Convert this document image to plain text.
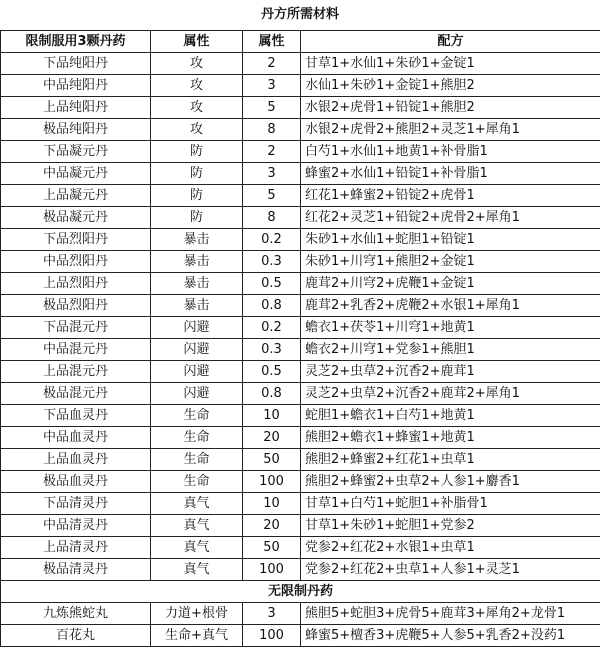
丹方所需材料
限制服用3颗丹药	属性	属性	配方
下品纯阳丹	攻	2	甘草1+水仙1+朱砂1+金锭1
中品纯阳丹	攻	3	水仙1+朱砂1+金锭1+熊胆2
上品纯阳丹	攻	5	水银2+虎骨1+铅锭1+熊胆2
极品纯阳丹	攻	8	水银2+虎骨2+熊胆2+灵芝1+犀角1
下品凝元丹	防	2	白芍1+水仙1+地黄1+补骨脂1
中品凝元丹	防	3	蜂蜜2+水仙1+铅锭1+补骨脂1
上品凝元丹	防	5	红花1+蜂蜜2+铅锭2+虎骨1
极品凝元丹	防	8	红花2+灵芝1+铅锭2+虎骨2+犀角1
下品烈阳丹	暴击	0.2	朱砂1+水仙1+蛇胆1+铅锭1
中品烈阳丹	暴击	0.3	朱砂1+川穹1+熊胆2+金锭1
上品烈阳丹	暴击	0.5	鹿茸2+川穹2+虎鞭1+金锭1
极品烈阳丹	暴击	0.8	鹿茸2+乳香2+虎鞭2+水银1+犀角1
下品混元丹	闪避	0.2	蟾衣1+茯苓1+川穹1+地黄1
中品混元丹	闪避	0.3	蟾衣2+川穹1+党参1+熊胆1
上品混元丹	闪避	0.5	灵芝2+虫草2+沉香2+鹿茸1
极品混元丹	闪避	0.8	灵芝2+虫草2+沉香2+鹿茸2+犀角1
下品血灵丹	生命	10	蛇胆1+蟾衣1+白芍1+地黄1
中品血灵丹	生命	20	熊胆2+蟾衣1+蜂蜜1+地黄1
上品血灵丹	生命	50	熊胆2+蜂蜜2+红花1+虫草1
极品血灵丹	生命	100	熊胆2+蜂蜜2+虫草2+人参1+麝香1
下品清灵丹	真气	10	甘草1+白芍1+蛇胆1+补脂骨1
中品清灵丹	真气	20	甘草1+朱砂1+蛇胆1+党参2
上品清灵丹	真气	50	党参2+红花2+水银1+虫草1
极品清灵丹	真气	100	党参2+红花2+虫草1+人参1+灵芝1
无限制丹药			
九炼熊蛇丸	力道+根骨	3	熊胆5+蛇胆3+虎骨5+鹿茸3+犀角2+龙骨1
百花丸	生命+真气	100	蜂蜜5+檀香3+虎鞭5+人参5+乳香2+没药1
